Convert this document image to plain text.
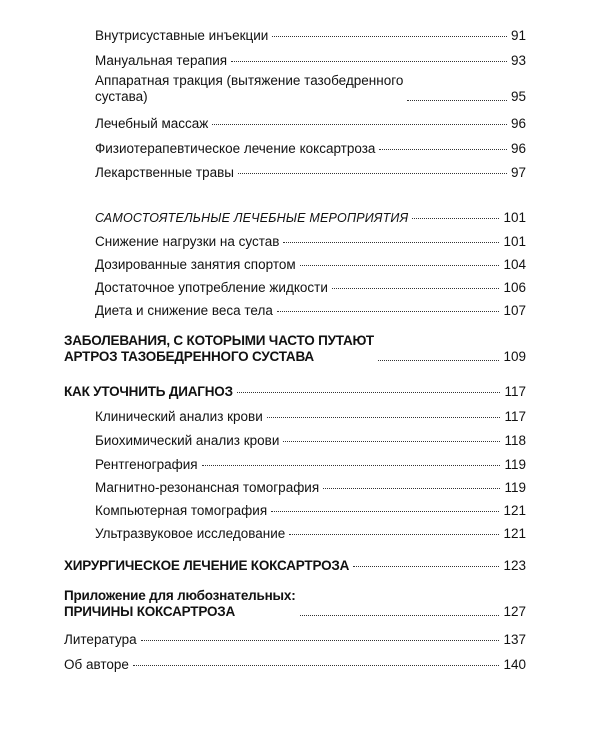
Внутрисуставные инъекции	91
Мануальная терапия	93
Аппаратная тракция (вытяжение тазобедренного
сустава)	95
Лечебный массаж	96
Физиотерапевтическое лечение коксартроза	96
Лекарственные травы	97
САМОСТОЯТЕЛЬНЫЕ ЛЕЧЕБНЫЕ МЕРОПРИЯТИЯ	101
Снижение нагрузки на сустав	101
Дозированные занятия спортом	104
Достаточное употребление жидкости	106
Диета и снижение веса тела	107
ЗАБОЛЕВАНИЯ, С КОТОРЫМИ ЧАСТО ПУТАЮТ
АРТРОЗ ТАЗОБЕДРЕННОГО СУСТАВА	109
КАК УТОЧНИТЬ ДИАГНОЗ	117
Клинический анализ крови	117
Биохимический анализ крови	118
Рентгенография	119
Магнитно-резонансная томография	119
Компьютерная томография	121
Ультразвуковое исследование	121
ХИРУРГИЧЕСКОЕ ЛЕЧЕНИЕ КОКСАРТРОЗА	123
Приложение для любознательных:
ПРИЧИНЫ КОКСАРТРОЗА	127
Литература	137
Об авторе	140
